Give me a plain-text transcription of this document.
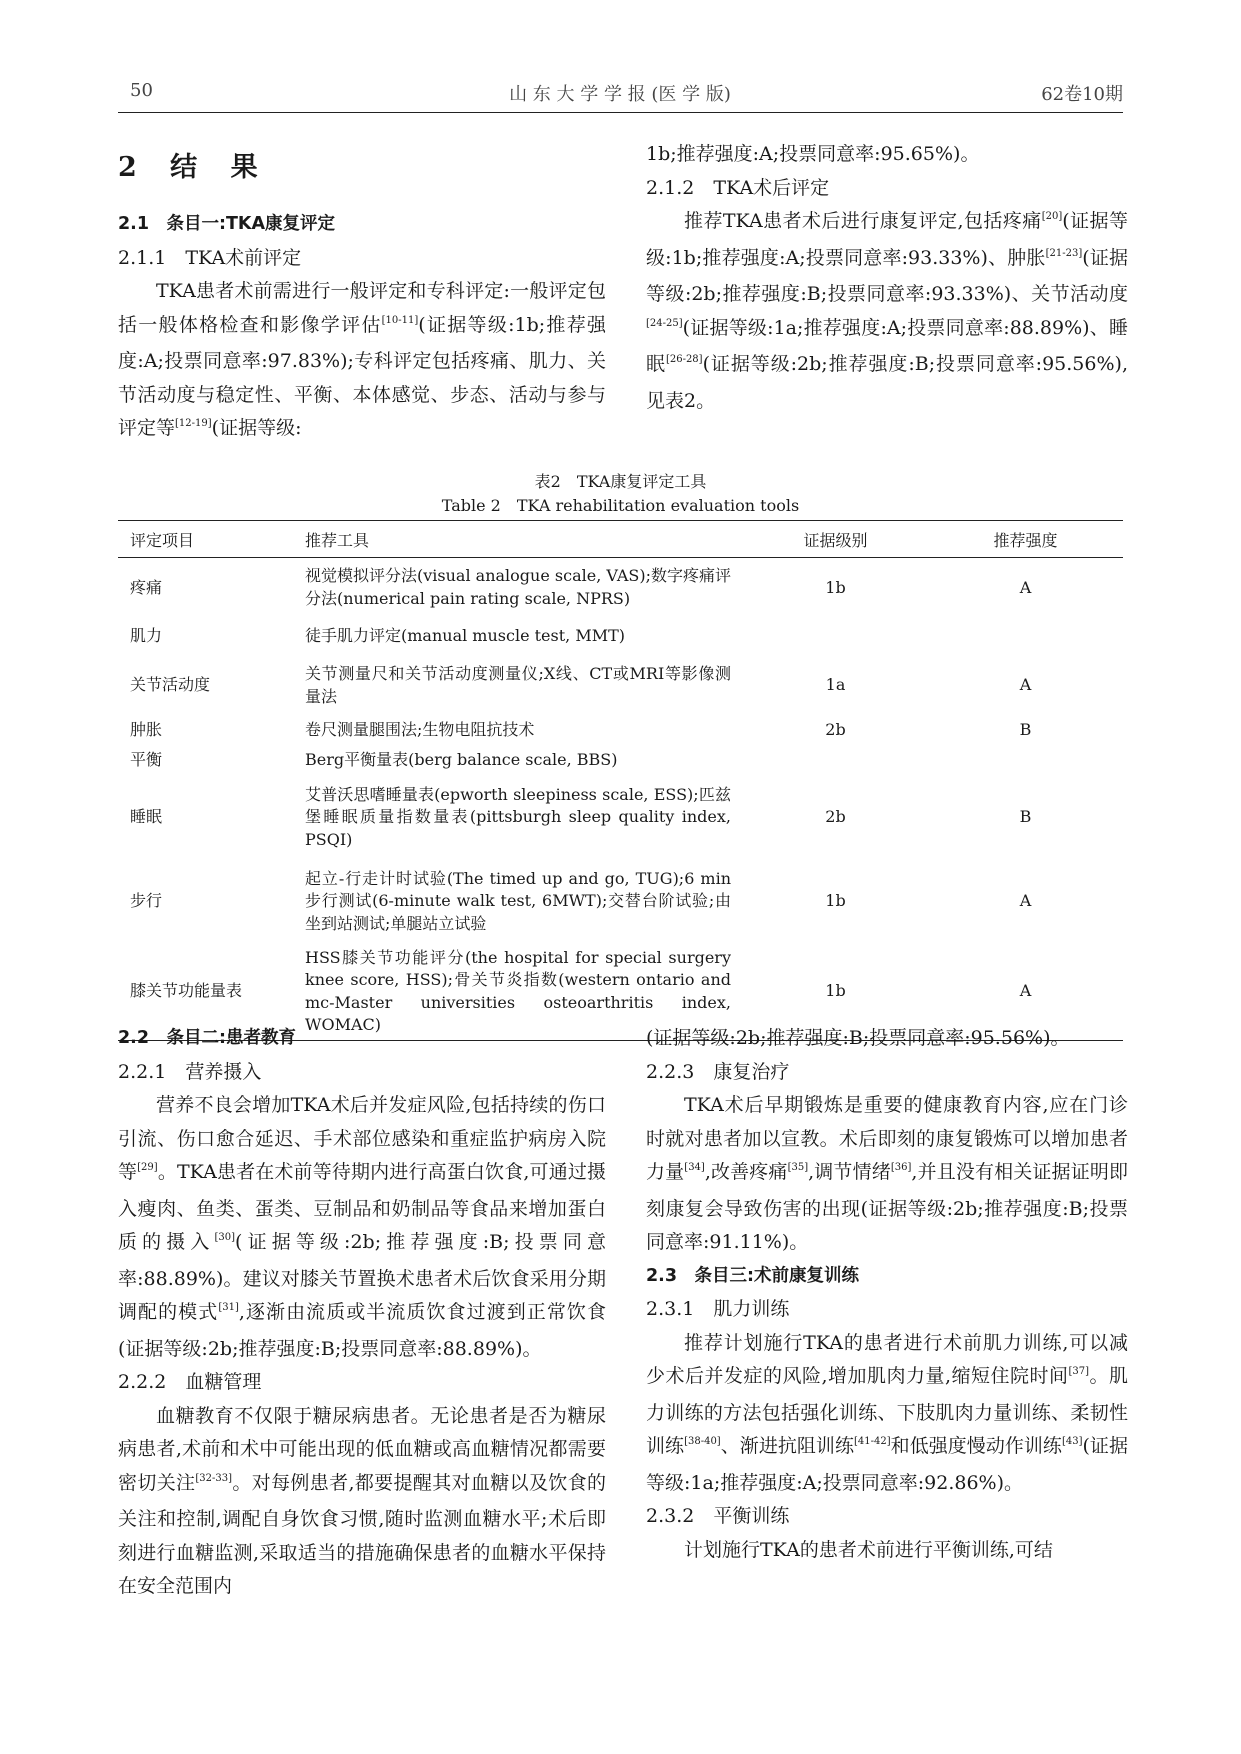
50	山 东 大 学 学 报 (医 学 版)	62卷10期
2 结 果
2.1　条目一:TKA康复评定
2.1.1　TKA术前评定

TKA患者术前需进行一般评定和专科评定:一般评定包括一般体格检查和影像学评估[10-11](证据等级:1b;推荐强度:A;投票同意率:97.83%);专科评定包括疼痛、肌力、关节活动度与稳定性、平衡、本体感觉、步态、活动与参与评定等[12-19](证据等级:

1b;推荐强度:A;投票同意率:95.65%)。

2.1.2　TKA术后评定

推荐TKA患者术后进行康复评定,包括疼痛[20](证据等级:1b;推荐强度:A;投票同意率:93.33%)、肿胀[21-23](证据等级:2b;推荐强度:B;投票同意率:93.33%)、关节活动度[24-25](证据等级:1a;推荐强度:A;投票同意率:88.89%)、睡眠[26-28](证据等级:2b;推荐强度:B;投票同意率:95.56%),见表2。

表2　TKA康复评定工具
Table 2　TKA rehabilitation evaluation tools
评定项目	推荐工具	证据级别	推荐强度
疼痛	视觉模拟评分法(visual analogue scale, VAS);数字疼痛评分法(numerical pain rating scale, NPRS)	1b	A
肌力	徒手肌力评定(manual muscle test, MMT)		
关节活动度	关节测量尺和关节活动度测量仪;X线、CT或MRI等影像测量法	1a	A
肿胀	卷尺测量腿围法;生物电阻抗技术	2b	B
平衡	Berg平衡量表(berg balance scale, BBS)		
睡眠	艾普沃思嗜睡量表(epworth sleepiness scale, ESS);匹兹堡睡眠质量指数量表(pittsburgh sleep quality index, PSQI)	2b	B
步行	起立-行走计时试验(The timed up and go, TUG);6 min步行测试(6-minute walk test, 6MWT);交替台阶试验;由坐到站测试;单腿站立试验	1b	A
膝关节功能量表	HSS膝关节功能评分(the hospital for special surgery knee score, HSS);骨关节炎指数(western ontario and mc-Master universities osteoarthritis index, WOMAC)	1b	A
2.2　条目二:患者教育
2.2.1　营养摄入

营养不良会增加TKA术后并发症风险,包括持续的伤口引流、伤口愈合延迟、手术部位感染和重症监护病房入院等[29]。TKA患者在术前等待期内进行高蛋白饮食,可通过摄入瘦肉、鱼类、蛋类、豆制品和奶制品等食品来增加蛋白质的摄入[30](证据等级:2b;推荐强度:B;投票同意率:88.89%)。建议对膝关节置换术患者术后饮食采用分期调配的模式[31],逐渐由流质或半流质饮食过渡到正常饮食(证据等级:2b;推荐强度:B;投票同意率:88.89%)。

2.2.2　血糖管理

血糖教育不仅限于糖尿病患者。无论患者是否为糖尿病患者,术前和术中可能出现的低血糖或高血糖情况都需要密切关注[32-33]。对每例患者,都要提醒其对血糖以及饮食的关注和控制,调配自身饮食习惯,随时监测血糖水平;术后即刻进行血糖监测,采取适当的措施确保患者的血糖水平保持在安全范围内

(证据等级:2b;推荐强度:B;投票同意率:95.56%)。

2.2.3　康复治疗

TKA术后早期锻炼是重要的健康教育内容,应在门诊时就对患者加以宣教。术后即刻的康复锻炼可以增加患者力量[34],改善疼痛[35],调节情绪[36],并且没有相关证据证明即刻康复会导致伤害的出现(证据等级:2b;推荐强度:B;投票同意率:91.11%)。

2.3　条目三:术前康复训练
2.3.1　肌力训练

推荐计划施行TKA的患者进行术前肌力训练,可以减少术后并发症的风险,增加肌肉力量,缩短住院时间[37]。肌力训练的方法包括强化训练、下肢肌肉力量训练、柔韧性训练[38-40]、渐进抗阻训练[41-42]和低强度慢动作训练[43](证据等级:1a;推荐强度:A;投票同意率:92.86%)。

2.3.2　平衡训练

计划施行TKA的患者术前进行平衡训练,可结
